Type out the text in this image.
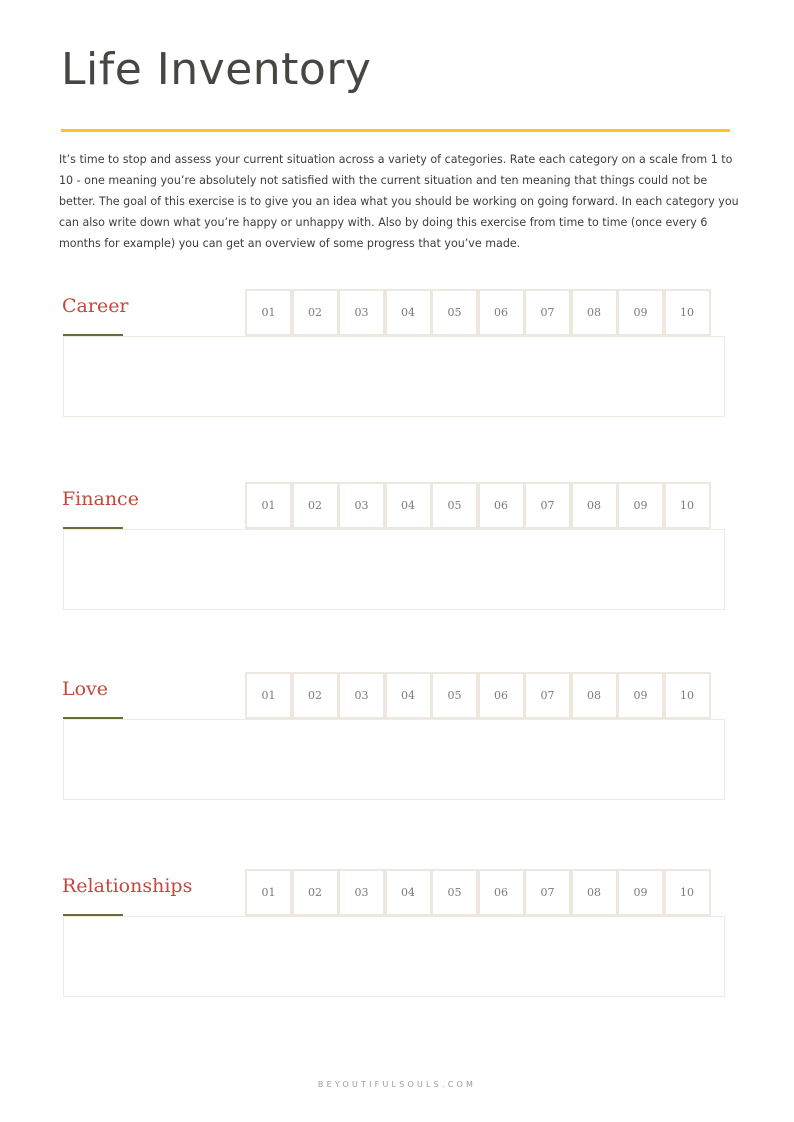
Life Inventory

It’s time to stop and assess your current situation across a variety of categories. Rate each category on a scale from 1 to 10 - one meaning you’re absolutely not satisfied with the current situation and ten meaning that things could not be better. The goal of this exercise is to give you an idea what you should be working on going forward. In each category you can also write down what you’re happy or unhappy with. Also by doing this exercise from time to time (once every 6 months for example) you can get an overview of some progress that you’ve made.

Career	01	02	03	04	05	06	07	08	09	10
Finance	01	02	03	04	05	06	07	08	09	10
Love	01	02	03	04	05	06	07	08	09	10
Relationships	01	02	03	04	05	06	07	08	09	10
BEYOUTIFULSOULS.COM
